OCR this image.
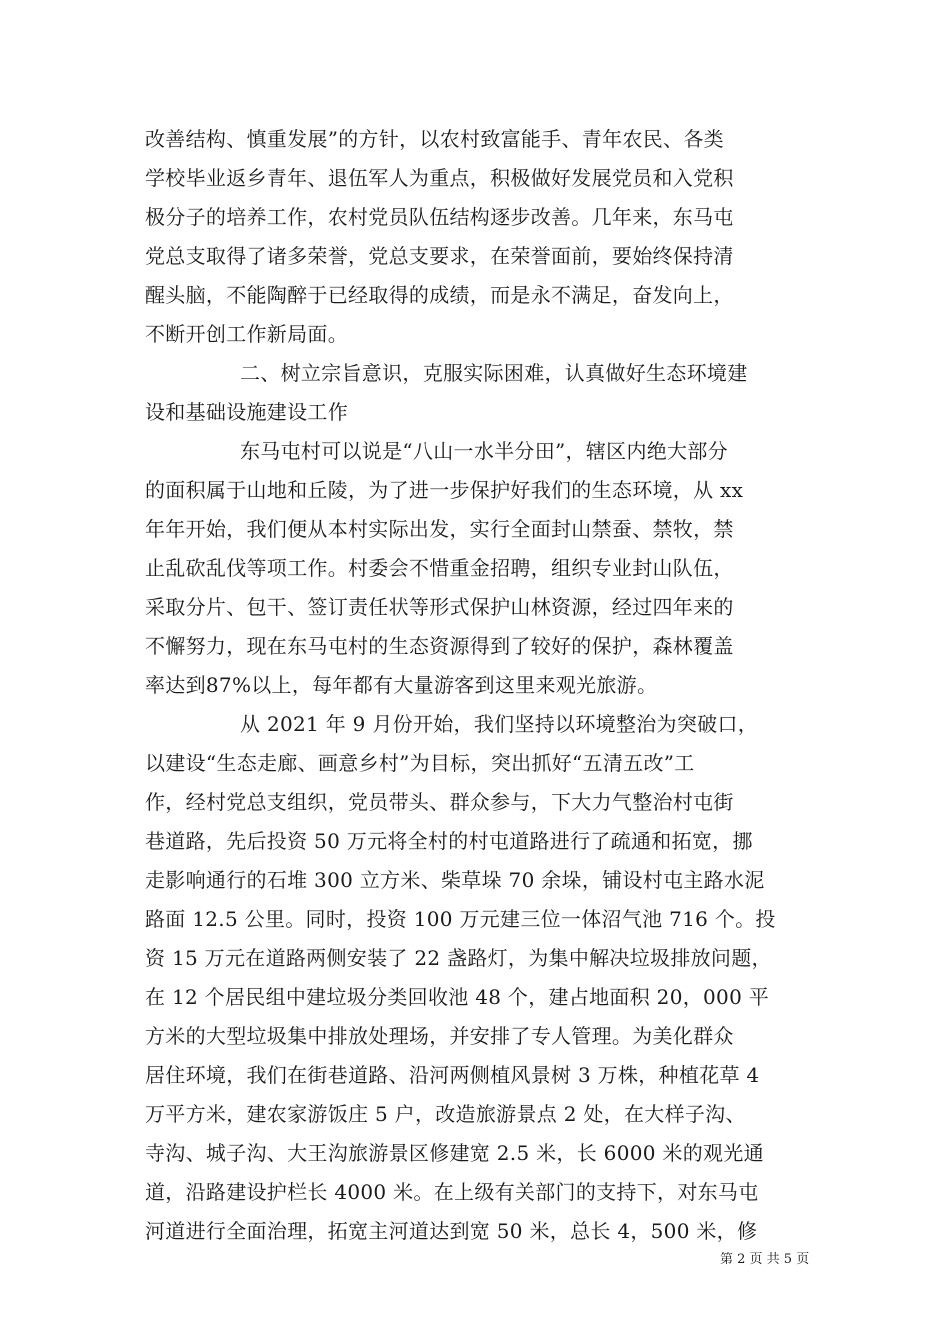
改善结构、慎重发展”的方针，以农村致富能手、青年农民、各类
学校毕业返乡青年、退伍军人为重点，积极做好发展党员和入党积
极分子的培养工作，农村党员队伍结构逐步改善。几年来，东马屯
党总支取得了诸多荣誉，党总支要求，在荣誉面前，要始终保持清
醒头脑，不能陶醉于已经取得的成绩，而是永不满足，奋发向上，
不断开创工作新局面。
二、树立宗旨意识，克服实际困难，认真做好生态环境建
设和基础设施建设工作
东马屯村可以说是“八山一水半分田”，辖区内绝大部分
的面积属于山地和丘陵，为了进一步保护好我们的生态环境，从 xx
年年开始，我们便从本村实际出发，实行全面封山禁蚕、禁牧，禁
止乱砍乱伐等项工作。村委会不惜重金招聘，组织专业封山队伍，
采取分片、包干、签订责任状等形式保护山林资源，经过四年来的
不懈努力，现在东马屯村的生态资源得到了较好的保护，森林覆盖
率达到87%以上，每年都有大量游客到这里来观光旅游。
从 2021 年 9 月份开始，我们坚持以环境整治为突破口，
以建设“生态走廊、画意乡村”为目标，突出抓好“五清五改”工
作，经村党总支组织，党员带头、群众参与，下大力气整治村屯街
巷道路，先后投资 50 万元将全村的村屯道路进行了疏通和拓宽，挪
走影响通行的石堆 300 立方米、柴草垛 70 余垛，铺设村屯主路水泥
路面 12.5 公里。同时，投资 100 万元建三位一体沼气池 716 个。投
资 15 万元在道路两侧安装了 22 盏路灯，为集中解决垃圾排放问题，
在 12 个居民组中建垃圾分类回收池 48 个，建占地面积 20，000 平
方米的大型垃圾集中排放处理场，并安排了专人管理。为美化群众
居住环境，我们在街巷道路、沿河两侧植风景树 3 万株，种植花草 4
万平方米，建农家游饭庄 5 户，改造旅游景点 2 处，在大样子沟、
寺沟、城子沟、大王沟旅游景区修建宽 2.5 米，长 6000 米的观光通
道，沿路建设护栏长 4000 米。在上级有关部门的支持下，对东马屯
河道进行全面治理，拓宽主河道达到宽 50 米，总长 4，500 米，修
第 2 页 共 5 页
